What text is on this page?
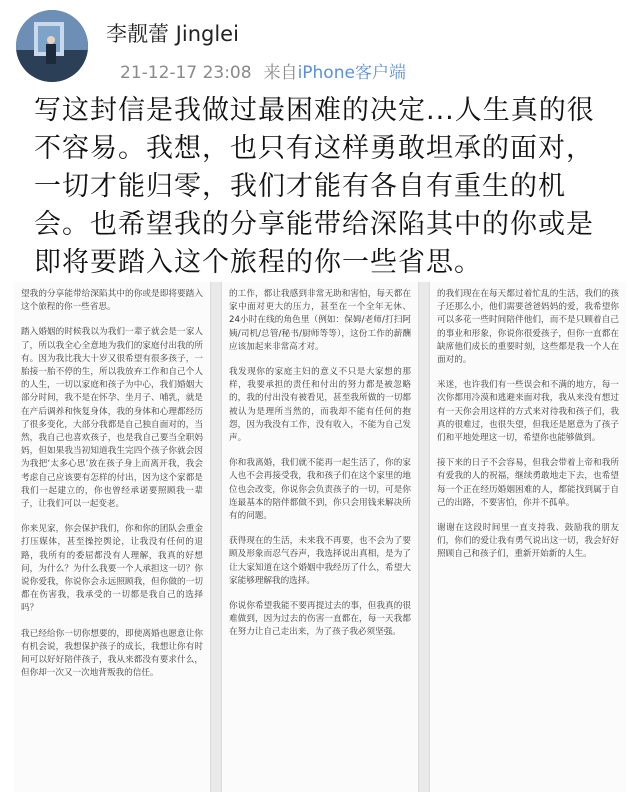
李靓蕾 Jinglei
21-12-17 23:08 来自iPhone客户端
写这封信是我做过最困难的决定...人生真的很不容易。我想，也只有这样勇敢坦承的面对，一切才能归零，我们才能有各自有重生的机会。也希望我的分享能带给深陷其中的你或是即将要踏入这个旅程的你一些省思。

望我的分享能带给深陷其中的你或是即将要踏入这个旅程的你一些省思。

踏入婚姻的时候我以为我们一辈子就会是一家人了，所以我全心全意地为我们的家庭付出我的所有。因为我比我大十岁又很希望有很多孩子，一胎接一胎不停的生，所以我放弃工作和自己个人的人生，一切以家庭和孩子为中心，我们婚姻大部分时间，我不是在怀孕、坐月子、哺乳，就是在产后调养和恢复身体，我的身体和心理都经历了很多变化，大部分我都是自己独自面对的，当然，我自己也喜欢孩子，也是我自己要当全职妈妈，但如果我当初知道我生完四个孩子你就会因为我把‘太多心思’放在孩子身上而离开我，我会考虑自己应该要有怎样的付出，因为这个家都是我们一起建立的，你也曾经承诺要照顾我一辈子，让我们可以一起变老。

你来见家，你会保护我们，你和你的团队会重金打压媒体，甚至操控舆论，让我没有任何的退路，我所有的委屈都没有人理解，我真的好想问，为什么？为什么我要一个人承担这一切？你说你爱我，你说你会永远照顾我，但你做的一切都在伤害我，我承受的一切都是我自己的选择吗？

我已经给你一切你想要的，即使离婚也愿意让你有机会说，我想保护孩子的成长，我想让你有时间可以好好陪伴孩子，我从来都没有要求什么，但你却一次又一次地背叛我的信任。

的工作，都让我感到非常无助和害怕，每天都在家中面对更大的压力，甚至在一个全年无休、24小时在线的角色里（例如：保姆/老师/打扫阿姨/司机/总管/秘书/厨师等等），这份工作的薪酬应该加起来非常高才对。

我发现你的家庭主妇的意义不只是大家想的那样，我要承担的责任和付出的努力都是被忽略的，我的付出没有被看见，甚至我所做的一切都被认为是理所当然的，而我却不能有任何的抱怨，因为我没有工作，没有收入，不能为自己发声。

你和我离婚，我们就不能再一起生活了，你的家人也不会再接受我，我和孩子们在这个家里的地位也会改变，你说你会负责孩子的一切，可是你连最基本的陪伴都做不到，你只会用钱来解决所有的问题。

获得现在的生活，未来我不再要，也不会为了要顾及形象而忍气吞声，我选择说出真相，是为了让大家知道在这个婚姻中我经历了什么，希望大家能够理解我的选择。

你说你希望我能不要再提过去的事，但我真的很难做到，因为过去的伤害一直都在，每一天我都在努力让自己走出来，为了孩子我必须坚强。

的我们现在在每天都过着忙乱的生活，我们的孩子还那么小，他们需要爸爸妈妈的爱，我希望你可以多花一些时间陪伴他们，而不是只顾着自己的事业和形象，你说你很爱孩子，但你一直都在缺席他们成长的重要时刻，这些都是我一个人在面对的。

米迷，也许我们有一些误会和不满的地方，每一次你都用冷漠和逃避来面对我，我从来没有想过有一天你会用这样的方式来对待我和孩子们，我真的很难过，也很失望，但我还是愿意为了孩子们和平地处理这一切，希望你也能够做到。

接下来的日子不会容易，但我会带着上帝和我所有爱我的人的祝福，继续勇敢地走下去，也希望每一个正在经历婚姻困难的人，都能找到属于自己的出路，不要害怕，你并不孤单。

谢谢在这段时间里一直支持我、鼓励我的朋友们，你们的爱让我有勇气说出这一切，我会好好照顾自己和孩子们，重新开始新的人生。
